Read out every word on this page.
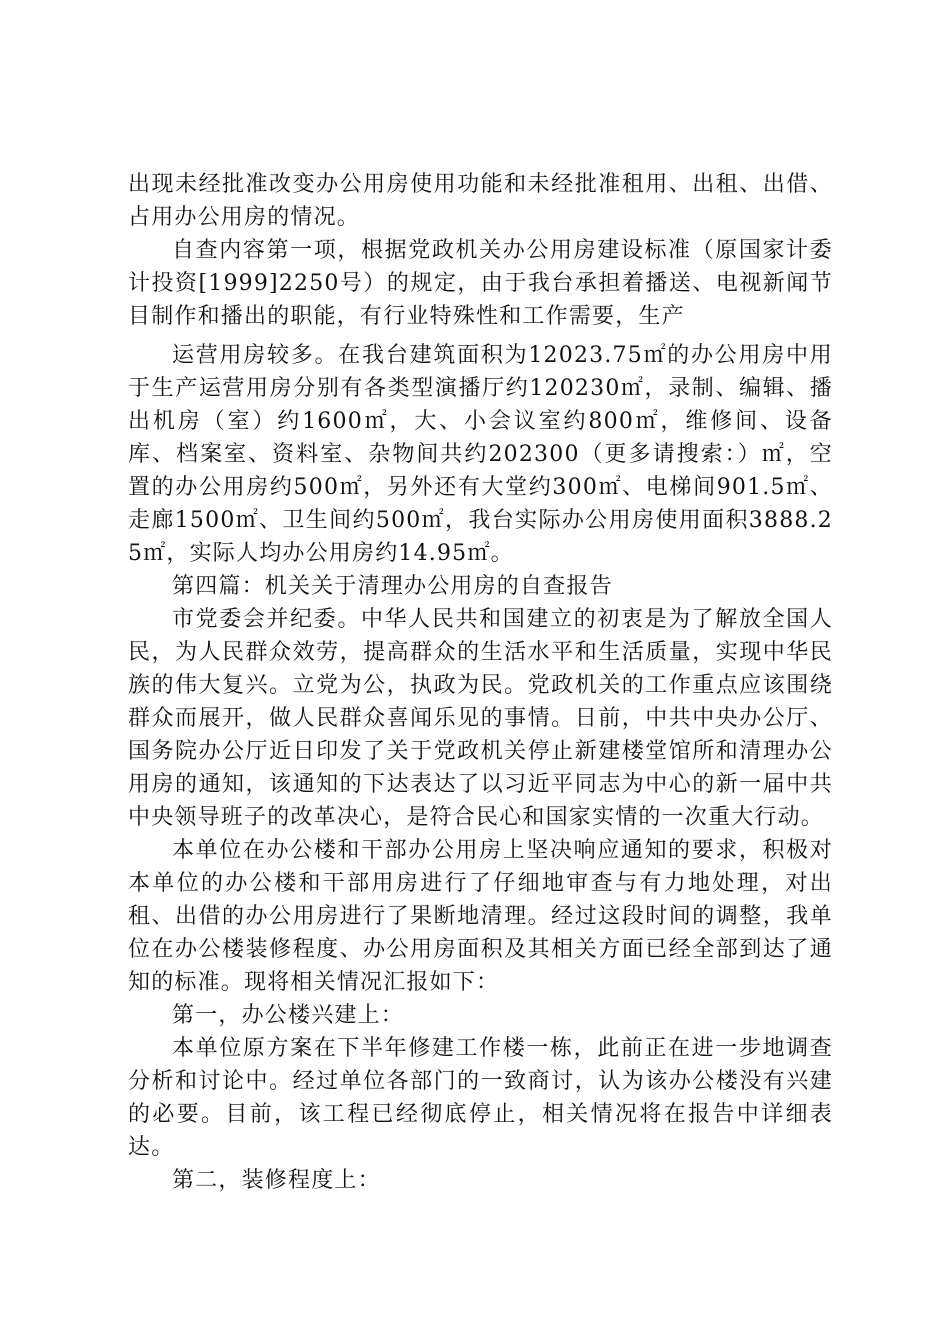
出现未经批准改变办公用房使用功能和未经批准租用、出租、出借、占用办公用房的情况。

自查内容第一项，根据党政机关办公用房建设标准（原国家计委计投资[1999]2250号）的规定，由于我台承担着播送、电视新闻节目制作和播出的职能，有行业特殊性和工作需要，生产

运营用房较多。在我台建筑面积为12023.75㎡的办公用房中用于生产运营用房分别有各类型演播厅约120230㎡，录制、编辑、播出机房（室）约1600㎡，大、小会议室约800㎡，维修间、设备库、档案室、资料室、杂物间共约202300（更多请搜索：）㎡，空置的办公用房约500㎡，另外还有大堂约300㎡、电梯间901.5㎡、走廊1500㎡、卫生间约500㎡，我台实际办公用房使用面积3888.25㎡，实际人均办公用房约14.95㎡。

第四篇：机关关于清理办公用房的自查报告

市党委会并纪委。中华人民共和国建立的初衷是为了解放全国人民，为人民群众效劳，提高群众的生活水平和生活质量，实现中华民族的伟大复兴。立党为公，执政为民。党政机关的工作重点应该围绕群众而展开，做人民群众喜闻乐见的事情。日前，中共中央办公厅、国务院办公厅近日印发了关于党政机关停止新建楼堂馆所和清理办公用房的通知，该通知的下达表达了以习近平同志为中心的新一届中共中央领导班子的改革决心，是符合民心和国家实情的一次重大行动。

本单位在办公楼和干部办公用房上坚决响应通知的要求，积极对本单位的办公楼和干部用房进行了仔细地审查与有力地处理，对出租、出借的办公用房进行了果断地清理。经过这段时间的调整，我单位在办公楼装修程度、办公用房面积及其相关方面已经全部到达了通知的标准。现将相关情况汇报如下：

第一，办公楼兴建上：

本单位原方案在下半年修建工作楼一栋，此前正在进一步地调查分析和讨论中。经过单位各部门的一致商讨，认为该办公楼没有兴建的必要。目前，该工程已经彻底停止，相关情况将在报告中详细表达。

第二，装修程度上：
